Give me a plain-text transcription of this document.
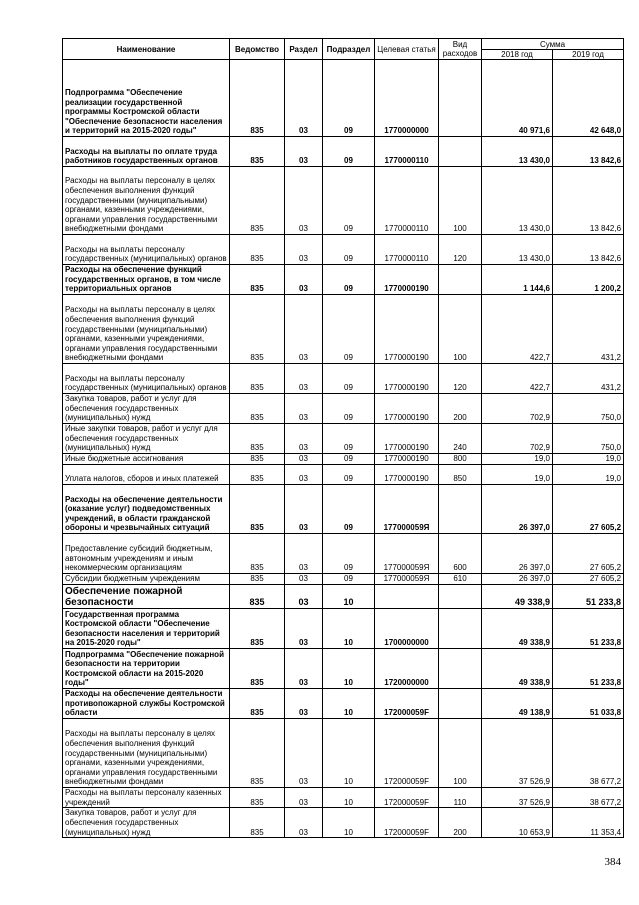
Наименование	Ведомство	Раздел	Подраздел	Целевая статья	Вид расходов	Сумма	
						2018 год	2019 год
Подпрограмма "Обеспечение реализации государственной программы Костромской области "Обеспечение безопасности населения и территорий на 2015-2020 годы"	835	03	09	1770000000		40 971,6	42 648,0
Расходы на выплаты по оплате труда работников государственных органов	835	03	09	1770000110		13 430,0	13 842,6
Расходы на выплаты персоналу в целях обеспечения выполнения функций государственными (муниципальными) органами, казенными учреждениями, органами управления государственными внебюджетными фондами	835	03	09	1770000110	100	13 430,0	13 842,6
Расходы на выплаты персоналу государственных (муниципальных) органов	835	03	09	1770000110	120	13 430,0	13 842,6
Расходы на обеспечение функций государственных органов, в том числе территориальных органов	835	03	09	1770000190		1 144,6	1 200,2
Расходы на выплаты персоналу в целях обеспечения выполнения функций государственными (муниципальными) органами, казенными учреждениями, органами управления государственными внебюджетными фондами	835	03	09	1770000190	100	422,7	431,2
Расходы на выплаты персоналу государственных (муниципальных) органов	835	03	09	1770000190	120	422,7	431,2
Закупка товаров, работ и услуг для обеспечения государственных (муниципальных) нужд	835	03	09	1770000190	200	702,9	750,0
Иные закупки товаров, работ и услуг для обеспечения государственных (муниципальных) нужд	835	03	09	1770000190	240	702,9	750,0
Иные бюджетные ассигнования	835	03	09	1770000190	800	19,0	19,0
Уплата налогов, сборов и иных платежей	835	03	09	1770000190	850	19,0	19,0
Расходы на обеспечение деятельности (оказание услуг) подведомственных учреждений, в области гражданской обороны и чрезвычайных ситуаций	835	03	09	177000059Я		26 397,0	27 605,2
Предоставление субсидий бюджетным, автономным учреждениям и иным некоммерческим организациям	835	03	09	177000059Я	600	26 397,0	27 605,2
Субсидии бюджетным учреждениям	835	03	09	177000059Я	610	26 397,0	27 605,2
Обеспечение пожарной безопасности	835	03	10			49 338,9	51 233,8
Государственная программа Костромской области "Обеспечение безопасности населения и территорий на 2015-2020 годы"	835	03	10	1700000000		49 338,9	51 233,8
Подпрограмма "Обеспечение пожарной безопасности на территории Костромской области на 2015-2020 годы"	835	03	10	1720000000		49 338,9	51 233,8
Расходы на обеспечение деятельности противопожарной службы Костромской области	835	03	10	172000059F		49 138,9	51 033,8
Расходы на выплаты персоналу в целях обеспечения выполнения функций государственными (муниципальными) органами, казенными учреждениями, органами управления государственными внебюджетными фондами	835	03	10	172000059F	100	37 526,9	38 677,2
Расходы на выплаты персоналу казенных учреждений	835	03	10	172000059F	110	37 526,9	38 677,2
Закупка товаров, работ и услуг для обеспечения государственных (муниципальных) нужд	835	03	10	172000059F	200	10 653,9	11 353,4
384
